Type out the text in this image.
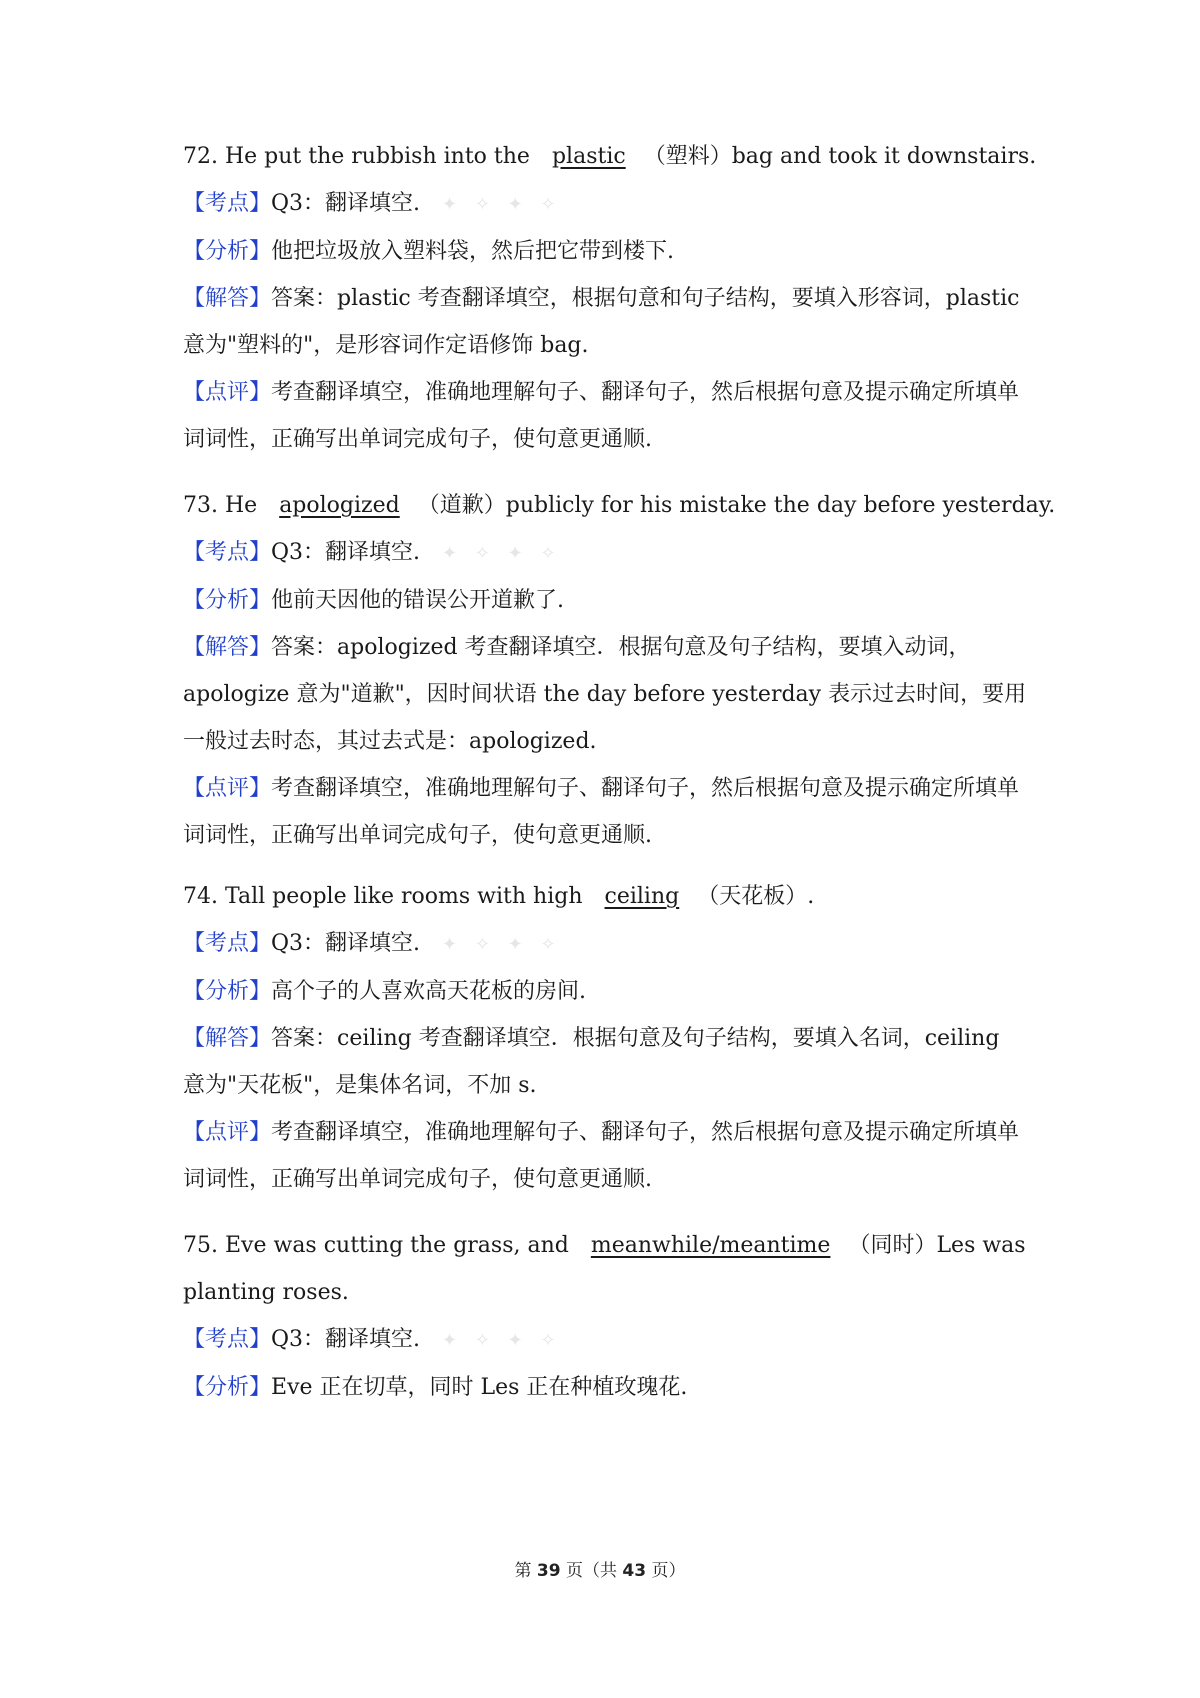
72. He put the rubbish into the plastic （塑料）bag and took it downstairs.
【考点】Q3：翻译填空. ✦ ✧ ✦ ✧
【分析】他把垃圾放入塑料袋，然后把它带到楼下.
【解答】答案：plastic 考查翻译填空，根据句意和句子结构，要填入形容词，plastic 意为"塑料的"，是形容词作定语修饰 bag.
【点评】考查翻译填空，准确地理解句子、翻译句子，然后根据句意及提示确定所填单词词性，正确写出单词完成句子，使句意更通顺.
73. He apologized （道歉）publicly for his mistake the day before yesterday.
【考点】Q3：翻译填空. ✦ ✧ ✦ ✧
【分析】他前天因他的错误公开道歉了.
【解答】答案：apologized 考查翻译填空．根据句意及句子结构，要填入动词，apologize 意为"道歉"，因时间状语 the day before yesterday 表示过去时间，要用一般过去时态，其过去式是：apologized.
【点评】考查翻译填空，准确地理解句子、翻译句子，然后根据句意及提示确定所填单词词性，正确写出单词完成句子，使句意更通顺.
74. Tall people like rooms with high ceiling （天花板）.
【考点】Q3：翻译填空. ✦ ✧ ✦ ✧
【分析】高个子的人喜欢高天花板的房间.
【解答】答案：ceiling 考查翻译填空．根据句意及句子结构，要填入名词，ceiling 意为"天花板"，是集体名词，不加 s.
【点评】考查翻译填空，准确地理解句子、翻译句子，然后根据句意及提示确定所填单词词性，正确写出单词完成句子，使句意更通顺.
75. Eve was cutting the grass, and meanwhile/meantime （同时）Les was planting roses.
【考点】Q3：翻译填空. ✦ ✧ ✦ ✧
【分析】Eve 正在切草，同时 Les 正在种植玫瑰花.
第 39 页（共 43 页）
